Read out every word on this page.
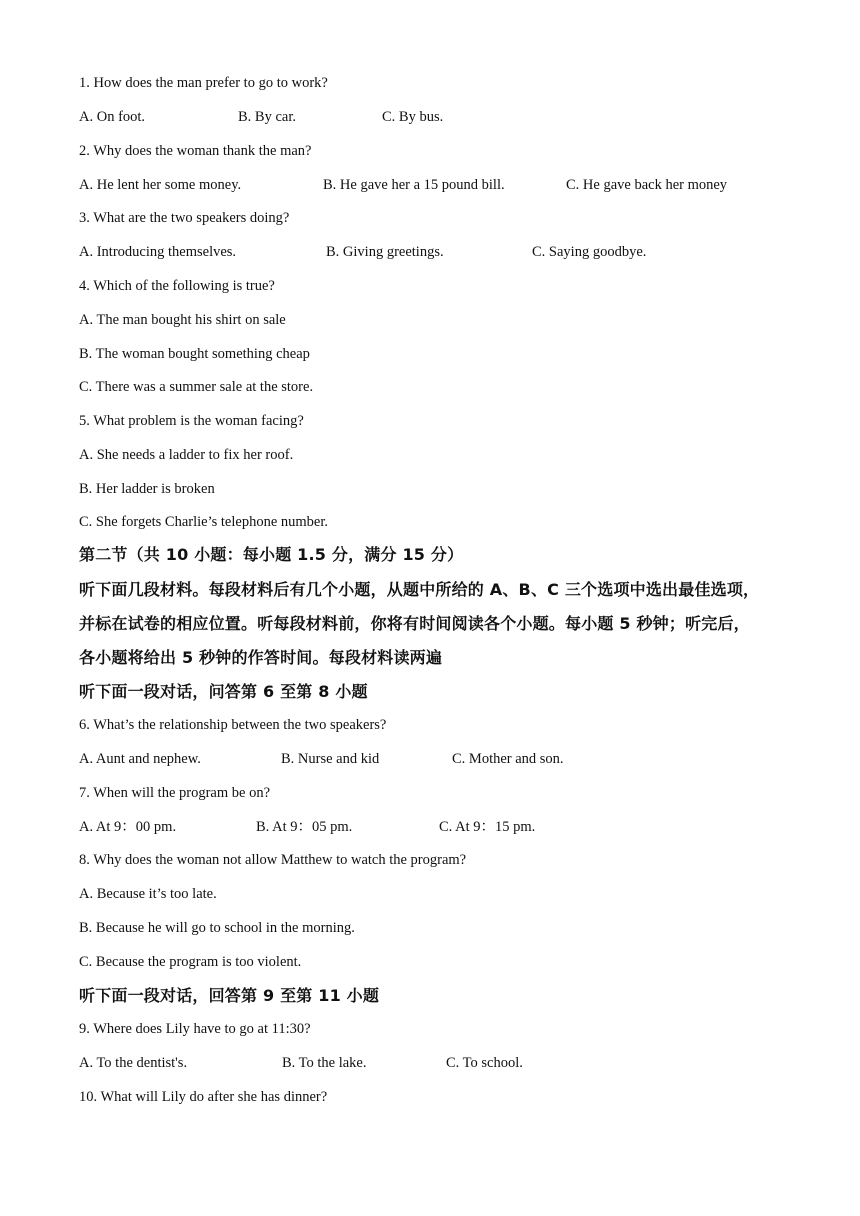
1. How does the man prefer to go to work?
A. On foot.	B. By car.	C. By bus.
2. Why does the woman thank the man?
A. He lent her some money.	B. He gave her a 15 pound bill.	C. He gave back her money
3. What are the two speakers doing?
A. Introducing themselves.	B. Giving greetings.	C. Saying goodbye.
4. Which of the following is true?
A. The man bought his shirt on sale
B. The woman bought something cheap
C. There was a summer sale at the store.
5. What problem is the woman facing?
A. She needs a ladder to fix her roof.
B. Her ladder is broken
C. She forgets Charlie’s telephone number.
第二节（共 10 小题：每小题 1.5 分，满分 15 分）
听下面几段材料。每段材料后有几个小题，从题中所给的 A、B、C 三个选项中选出最佳选项，
并标在试卷的相应位置。听每段材料前，你将有时间阅读各个小题。每小题 5 秒钟；听完后，
各小题将给出 5 秒钟的作答时间。每段材料读两遍
听下面一段对话，问答第 6 至第 8 小题
6. What’s the relationship between the two speakers?
A. Aunt and nephew.	B. Nurse and kid	C. Mother and son.
7. When will the program be on?
A. At 9：00 pm.	B. At 9：05 pm.	C. At 9：15 pm.
8. Why does the woman not allow Matthew to watch the program?
A. Because it’s too late.
B. Because he will go to school in the morning.
C. Because the program is too violent.
听下面一段对话，回答第 9 至第 11 小题
9. Where does Lily have to go at 11:30?
A. To the dentist's.	B. To the lake.	C. To school.
10. What will Lily do after she has dinner?
